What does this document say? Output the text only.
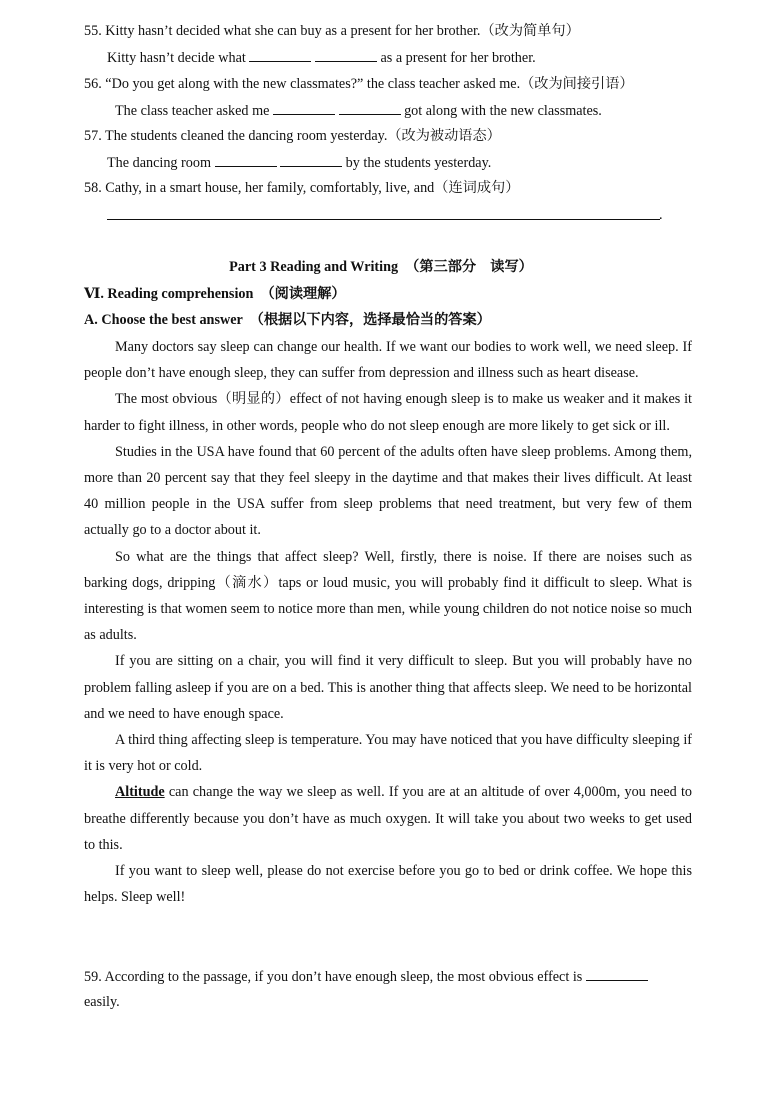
55. Kitty hasn’t decided what she can buy as a present for her brother.（改为简单句）
Kitty hasn’t decide what	as a present for her brother.
56. “Do you get along with the new classmates?” the class teacher asked me.（改为间接引语）
The class teacher asked me	got along with the new classmates.
57. The students cleaned the dancing room yesterday.（改为被动语态）
The dancing room	by the students yesterday.
58. Cathy, in a smart house, her family, comfortably, live, and（连词成句）
.
Part 3 Reading and Writing　（第三部分　读写）
Ⅵ. Reading comprehension　（阅读理解）
A. Choose the best answer　（根据以下内容，选择最恰当的答案）

Many doctors say sleep can change our health. If we want our bodies to work well, we need sleep. If people don’t have enough sleep, they can suffer from depression and illness such as heart disease.

The most obvious（明显的）effect of not having enough sleep is to make us weaker and it makes it harder to fight illness, in other words, people who do not sleep enough are more likely to get sick or ill.

Studies in the USA have found that 60 percent of the adults often have sleep problems. Among them, more than 20 percent say that they feel sleepy in the daytime and that makes their lives difficult. At least 40 million people in the USA suffer from sleep problems that need treatment, but very few of them actually go to a doctor about it.

So what are the things that affect sleep? Well, firstly, there is noise. If there are noises such as barking dogs, dripping（滴水）taps or loud music, you will probably find it difficult to sleep. What is interesting is that women seem to notice more than men, while young children do not notice noise so much as adults.

If you are sitting on a chair, you will find it very difficult to sleep. But you will probably have no problem falling asleep if you are on a bed. This is another thing that affects sleep. We need to be horizontal and we need to have enough space.

A third thing affecting sleep is temperature. You may have noticed that you have difficulty sleeping if it is very hot or cold.

Altitude can change the way we sleep as well. If you are at an altitude of over 4,000m, you need to breathe differently because you don’t have as much oxygen. It will take you about two weeks to get used to this.

If you want to sleep well, please do not exercise before you go to bed or drink coffee. We hope this helps. Sleep well!

59. According to the passage, if you don’t have enough sleep, the most obvious effect is
easily.
